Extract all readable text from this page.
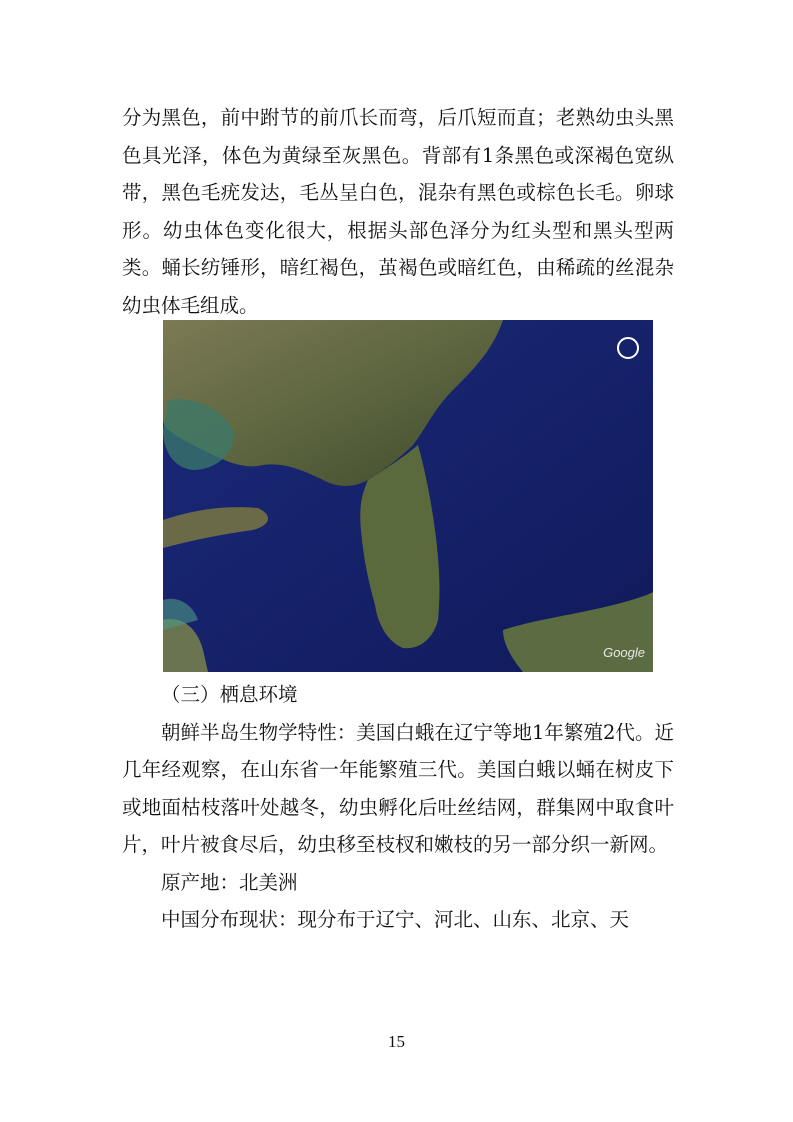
分为黑色，前中跗节的前爪长而弯，后爪短而直；老熟幼虫头黑色具光泽，体色为黄绿至灰黑色。背部有1条黑色或深褐色宽纵带，黑色毛疣发达，毛丛呈白色，混杂有黑色或棕色长毛。卵球形。幼虫体色变化很大，根据头部色泽分为红头型和黑头型两类。蛹长纺锤形，暗红褐色，茧褐色或暗红色，由稀疏的丝混杂幼虫体毛组成。

Google

（三）栖息环境

朝鲜半岛生物学特性：美国白蛾在辽宁等地1年繁殖2代。近几年经观察，在山东省一年能繁殖三代。美国白蛾以蛹在树皮下或地面枯枝落叶处越冬，幼虫孵化后吐丝结网，群集网中取食叶片，叶片被食尽后，幼虫移至枝杈和嫩枝的另一部分织一新网。

原产地：北美洲

中国分布现状：现分布于辽宁、河北、山东、北京、天

15
